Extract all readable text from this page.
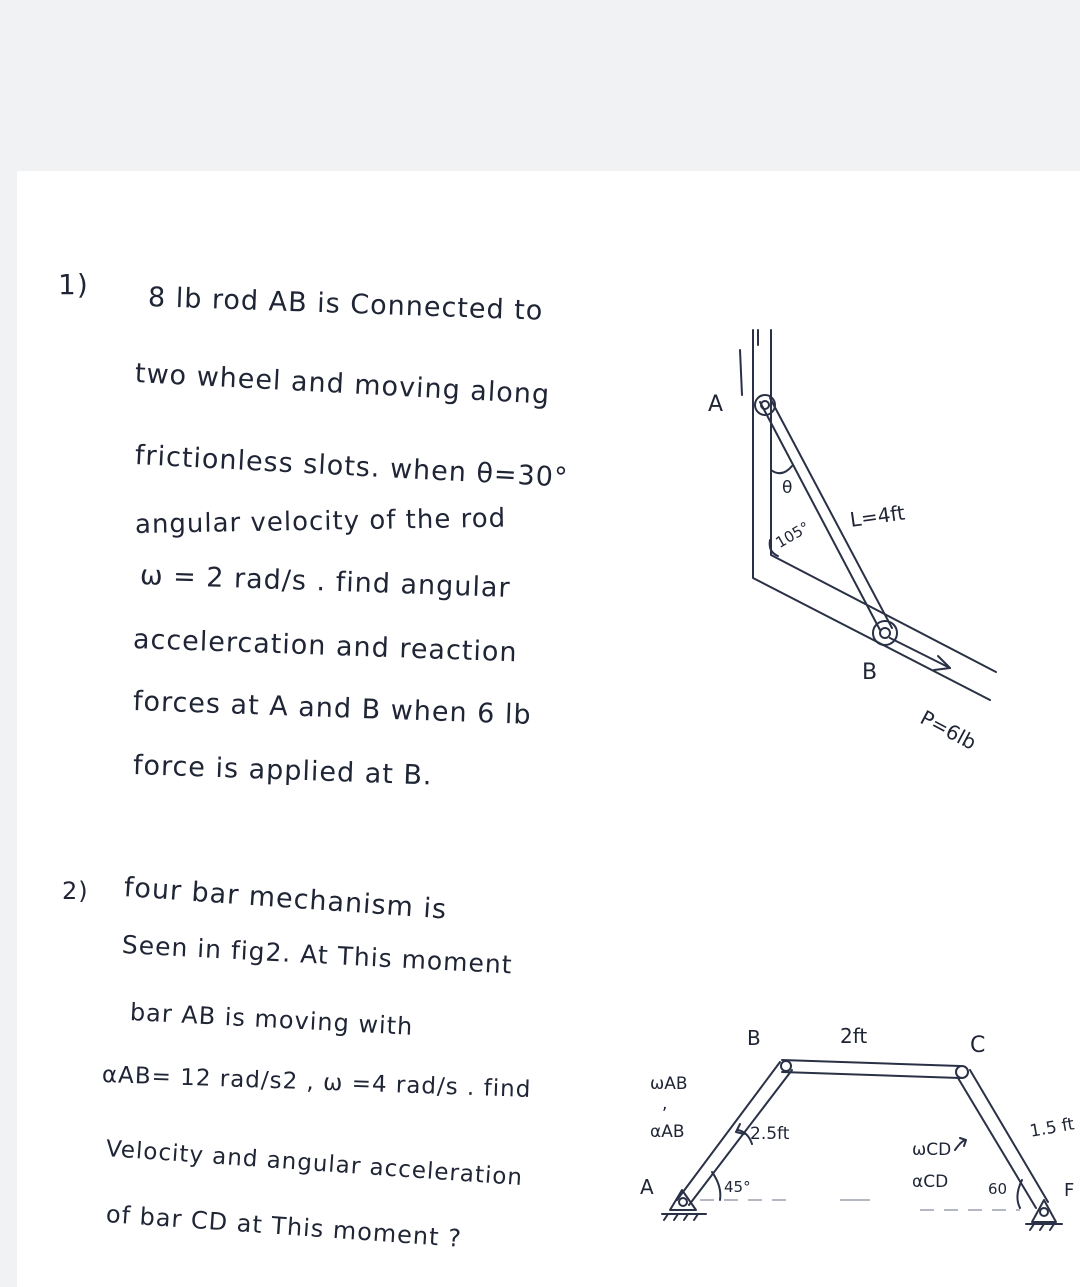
1) 8 lb rod AB is Connected to
two wheel and moving along
frictionless slots. when θ=30°
angular velocity of the rod
ω = 2 rad/s . find angular
accelercation and reaction
forces at A and B when 6 lb
force is applied at B.
2) four bar mechanism is
Seen in fig2. At This moment
bar AB is moving with
αAB= 12 rad/s2 , ω =4 rad/s . find
Velocity and angular acceleration
of bar CD at This moment ?
A
θ
105°
L=4ft
B
P=6lb
B	2ft	C
ωAB
,
αAB	2.5ft
A	45°
ωCD
αCD	60
1.5 ft
F
